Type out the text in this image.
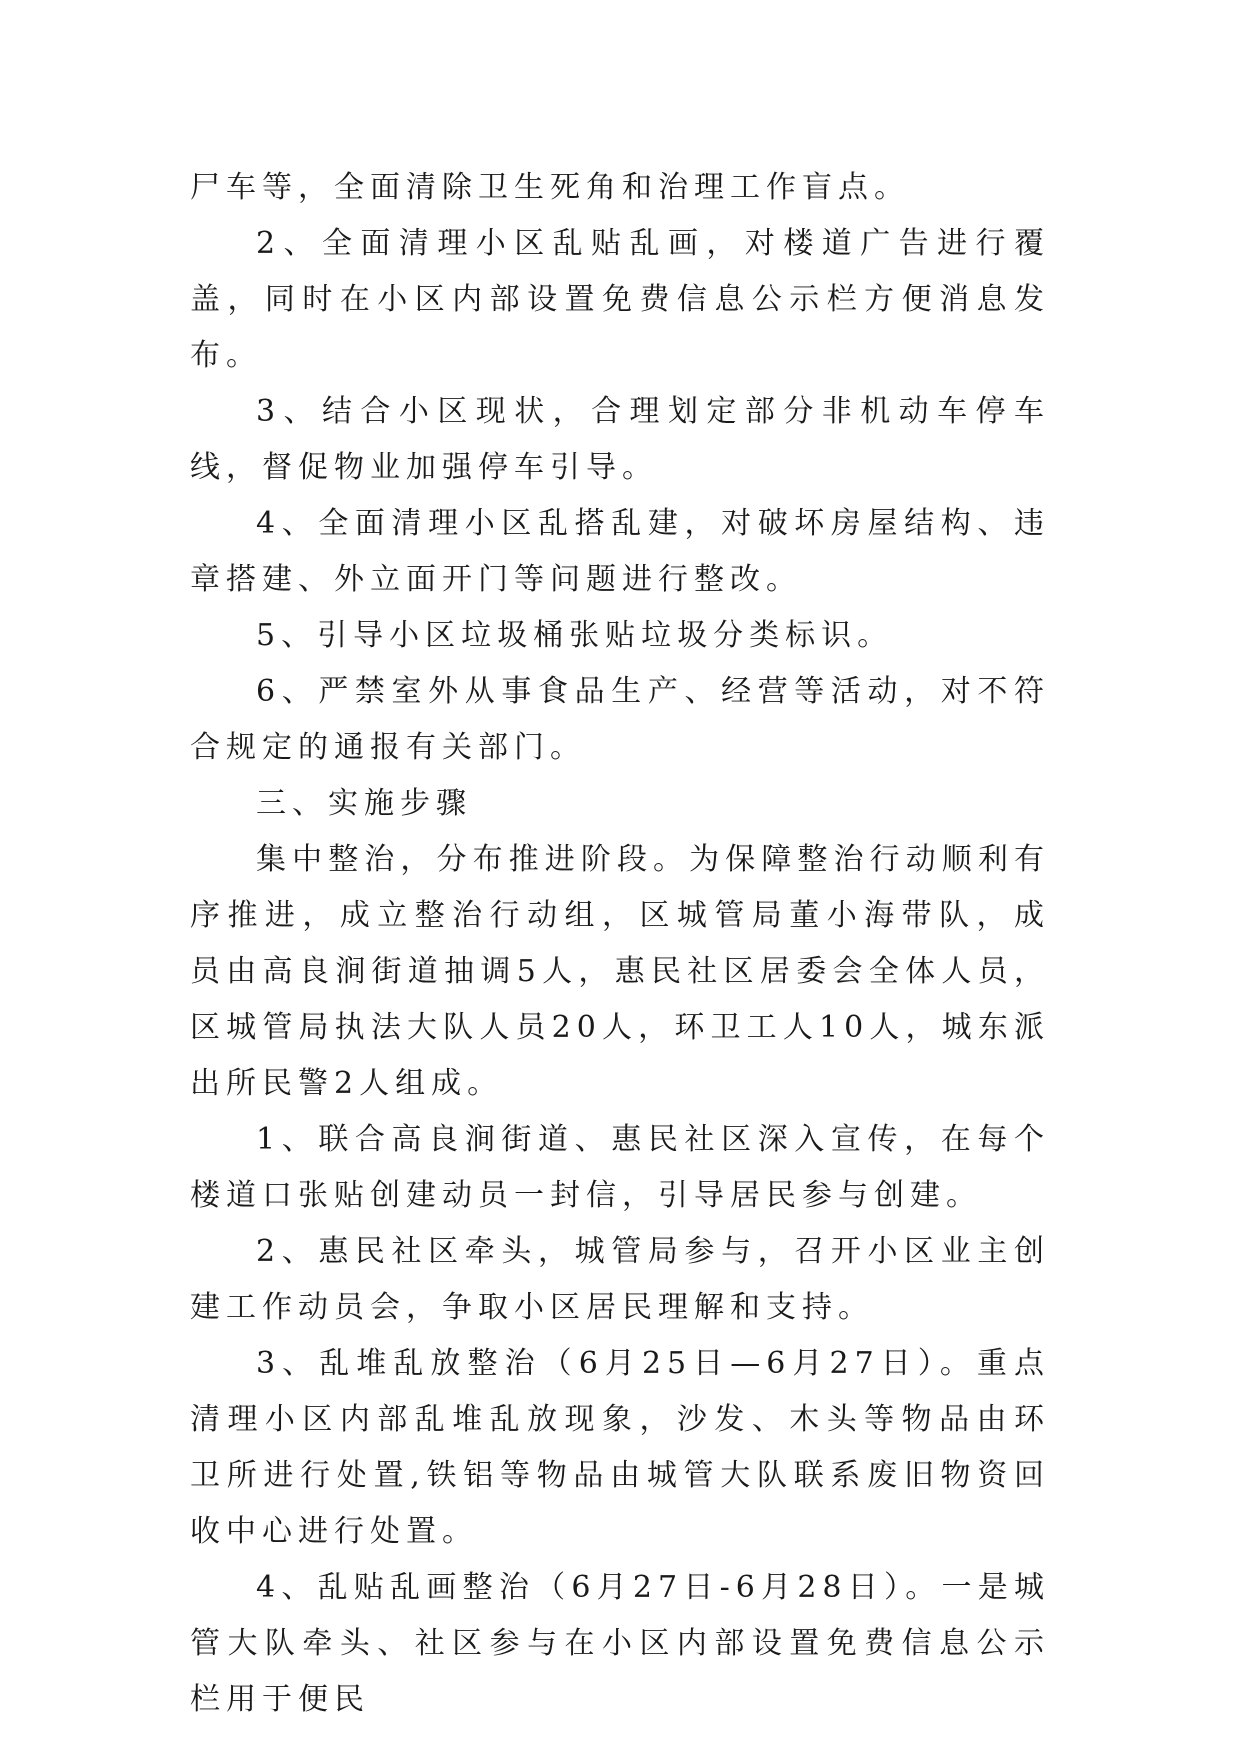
尸车等，全面清除卫生死角和治理工作盲点。

2、全面清理小区乱贴乱画，对楼道广告进行覆盖，同时在小区内部设置免费信息公示栏方便消息发布。

3、结合小区现状，合理划定部分非机动车停车线，督促物业加强停车引导。

4、全面清理小区乱搭乱建，对破坏房屋结构、违章搭建、外立面开门等问题进行整改。

5、引导小区垃圾桶张贴垃圾分类标识。

6、严禁室外从事食品生产、经营等活动，对不符合规定的通报有关部门。

三、实施步骤

集中整治，分布推进阶段。为保障整治行动顺利有序推进，成立整治行动组，区城管局董小海带队，成员由高良涧街道抽调5人，惠民社区居委会全体人员，区城管局执法大队人员20人，环卫工人10人，城东派出所民警2人组成。

1、联合高良涧街道、惠民社区深入宣传，在每个楼道口张贴创建动员一封信，引导居民参与创建。

2、惠民社区牵头，城管局参与，召开小区业主创建工作动员会，争取小区居民理解和支持。

3、乱堆乱放整治（6月25日—6月27日）。重点清理小区内部乱堆乱放现象，沙发、木头等物品由环卫所进行处置,铁铝等物品由城管大队联系废旧物资回收中心进行处置。

4、乱贴乱画整治（6月27日-6月28日）。一是城管大队牵头、社区参与在小区内部设置免费信息公示栏用于便民
